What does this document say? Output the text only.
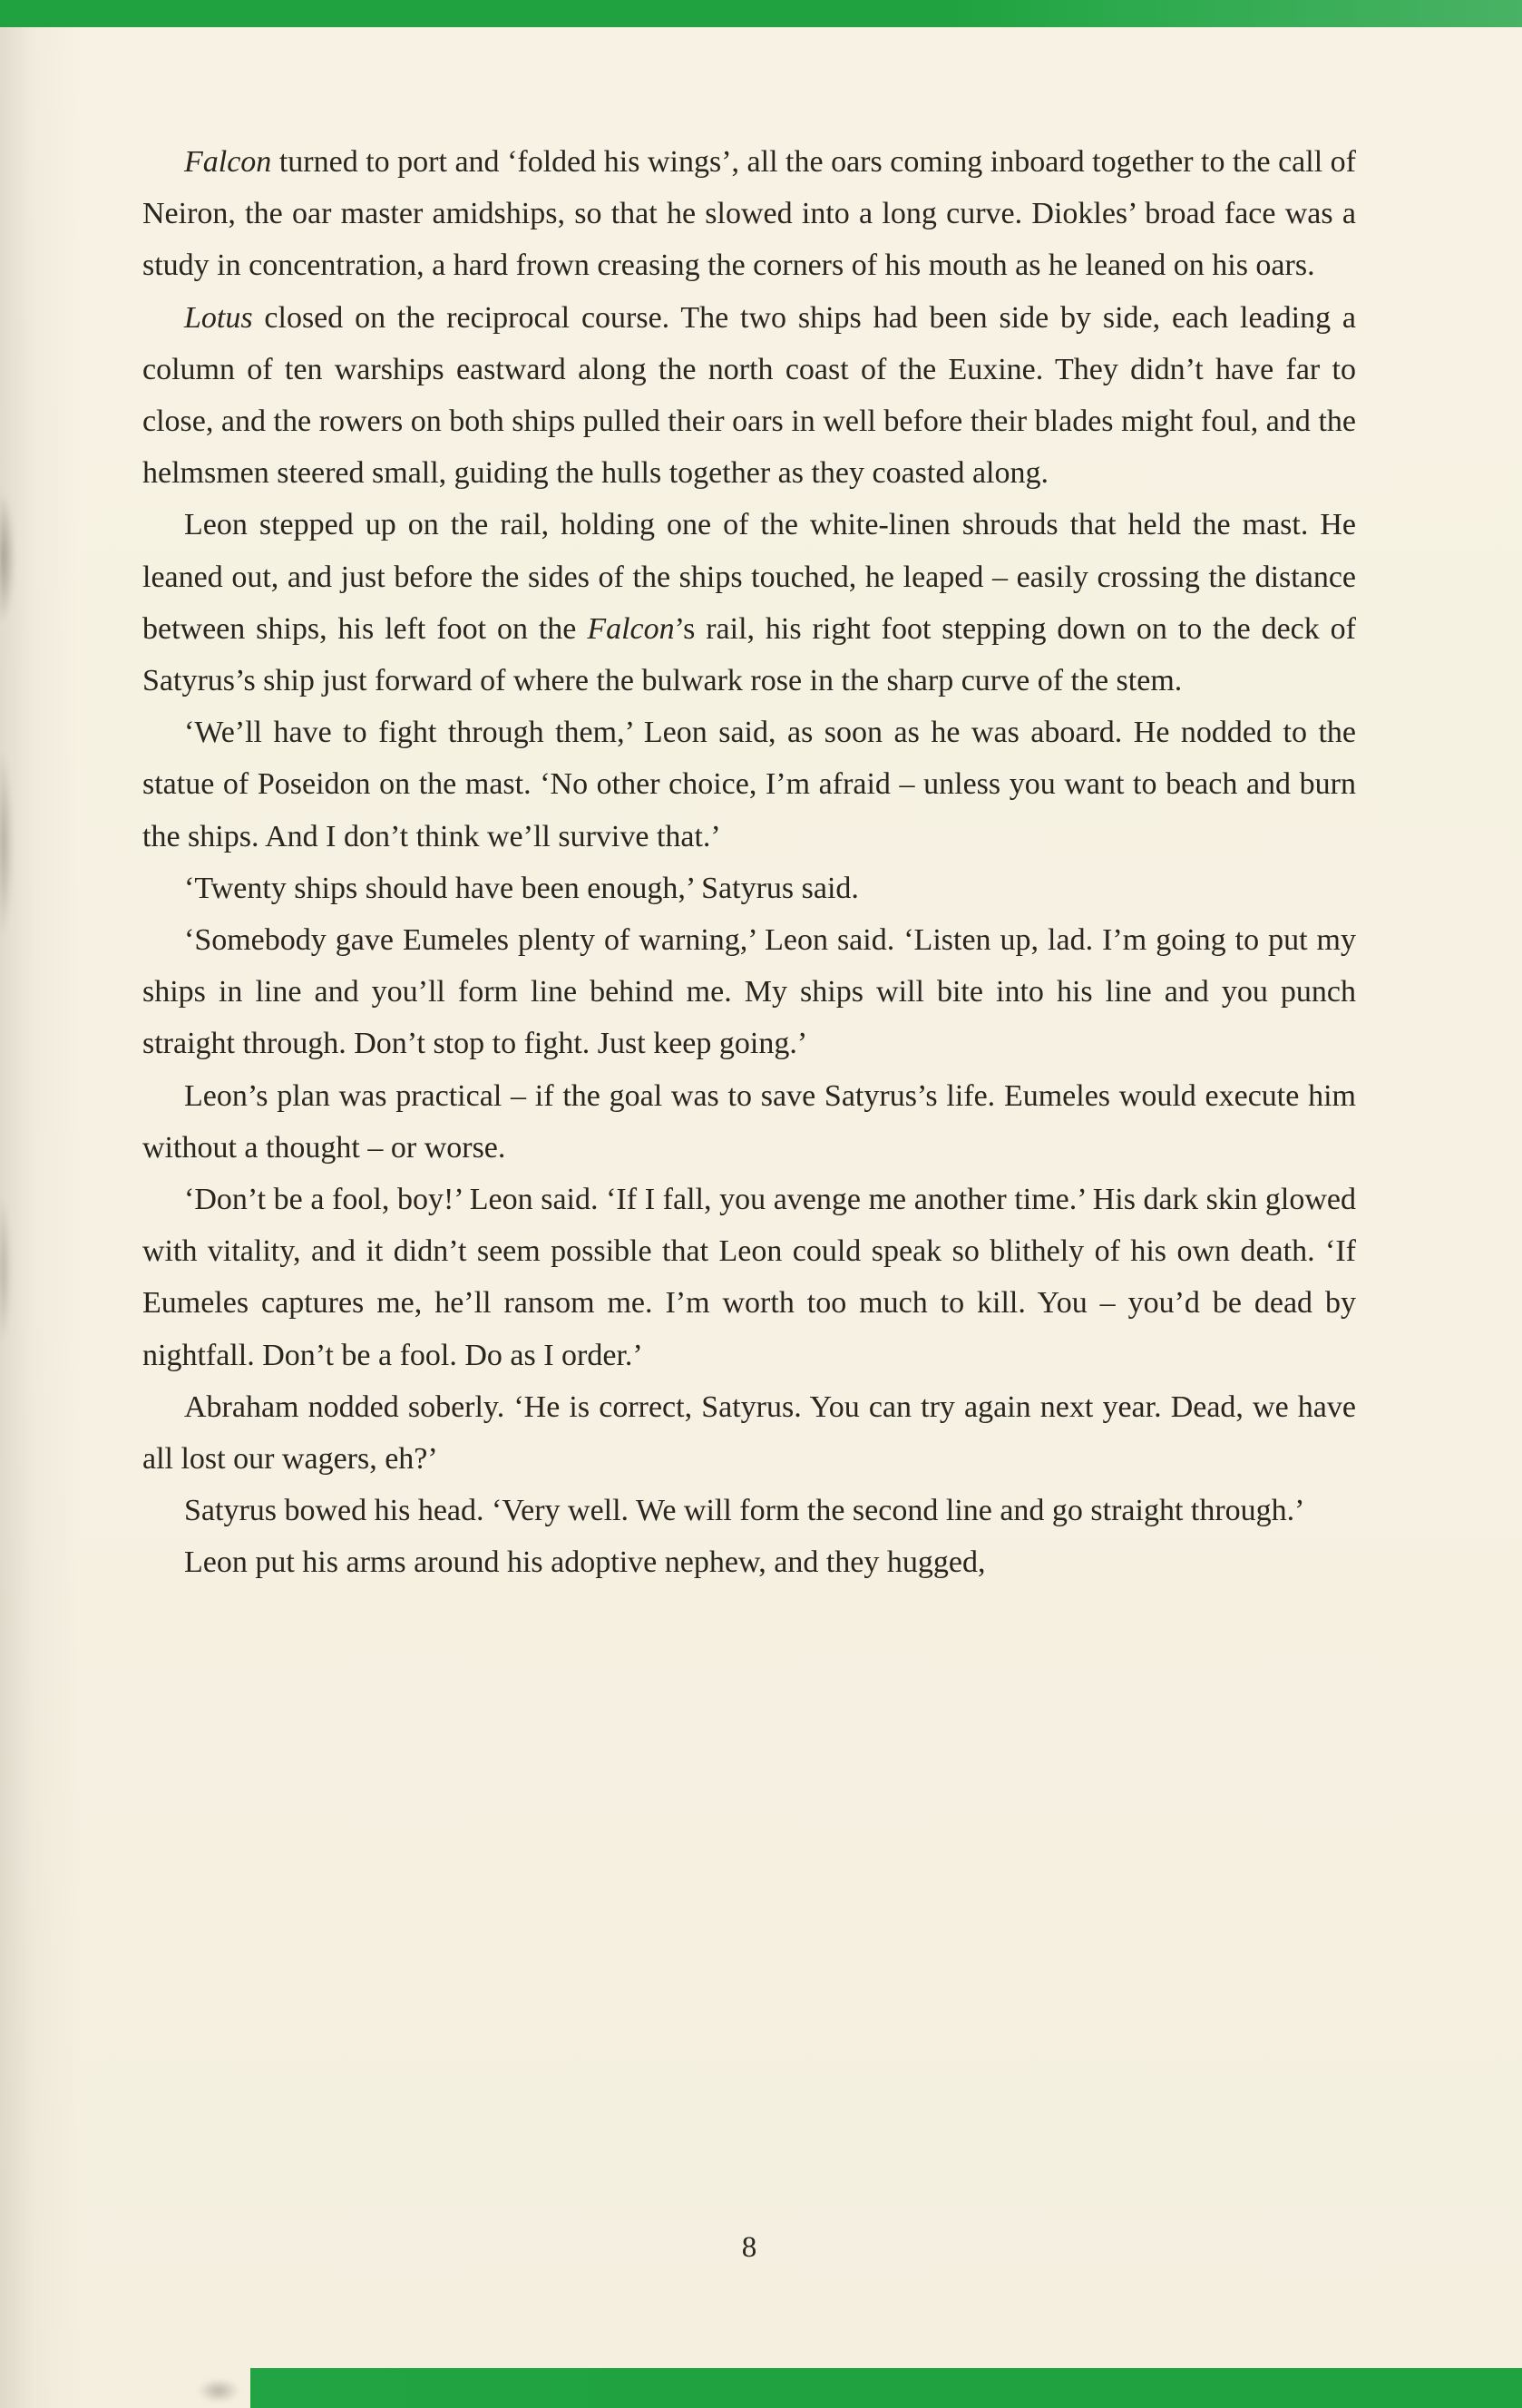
Falcon turned to port and ‘folded his wings’, all the oars coming inboard together to the call of Neiron, the oar master amidships, so that he slowed into a long curve. Diokles’ broad face was a study in concentration, a hard frown creasing the corners of his mouth as he leaned on his oars.

Lotus closed on the reciprocal course. The two ships had been side by side, each leading a column of ten warships eastward along the north coast of the Euxine. They didn’t have far to close, and the rowers on both ships pulled their oars in well before their blades might foul, and the helmsmen steered small, guiding the hulls together as they coasted along.

Leon stepped up on the rail, holding one of the white-linen shrouds that held the mast. He leaned out, and just before the sides of the ships touched, he leaped – easily crossing the distance between ships, his left foot on the Falcon’s rail, his right foot stepping down on to the deck of Satyrus’s ship just forward of where the bulwark rose in the sharp curve of the stem.

‘We’ll have to fight through them,’ Leon said, as soon as he was aboard. He nodded to the statue of Poseidon on the mast. ‘No other choice, I’m afraid – unless you want to beach and burn the ships. And I don’t think we’ll survive that.’

‘Twenty ships should have been enough,’ Satyrus said.

‘Somebody gave Eumeles plenty of warning,’ Leon said. ‘Listen up, lad. I’m going to put my ships in line and you’ll form line behind me. My ships will bite into his line and you punch straight through. Don’t stop to fight. Just keep going.’

Leon’s plan was practical – if the goal was to save Satyrus’s life. Eumeles would execute him without a thought – or worse.

‘Don’t be a fool, boy!’ Leon said. ‘If I fall, you avenge me another time.’ His dark skin glowed with vitality, and it didn’t seem possible that Leon could speak so blithely of his own death. ‘If Eumeles captures me, he’ll ransom me. I’m worth too much to kill. You – you’d be dead by nightfall. Don’t be a fool. Do as I order.’

Abraham nodded soberly. ‘He is correct, Satyrus. You can try again next year. Dead, we have all lost our wagers, eh?’

Satyrus bowed his head. ‘Very well. We will form the second line and go straight through.’

Leon put his arms around his adoptive nephew, and they hugged,

8
